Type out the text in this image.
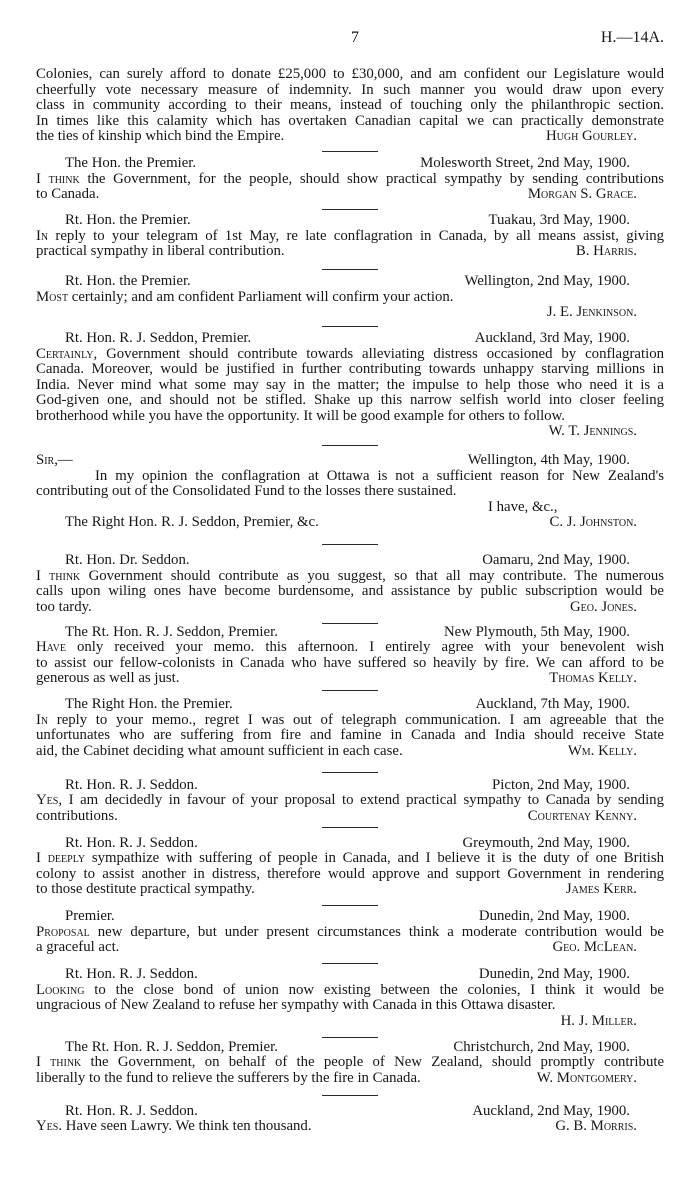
7	H.—14A.
Colonies, can surely afford to donate £25,000 to £30,000, and am confident our Legislature would
cheerfully vote necessary measure of indemnity. In such manner you would draw upon every
class in community according to their means, instead of touching only the philanthropic section.
In times like this calamity which has overtaken Canadian capital we can practically demonstrate
the ties of kinship which bind the Empire.	Hugh Gourley.
The Hon. the Premier.	Molesworth Street, 2nd May, 1900.
I think the Government, for the people, should show practical sympathy by sending contributions
to Canada.	Morgan S. Grace.
Rt. Hon. the Premier.	Tuakau, 3rd May, 1900.
In reply to your telegram of 1st May, re late conflagration in Canada, by all means assist, giving
practical sympathy in liberal contribution.	B. Harris.
Rt. Hon. the Premier.	Wellington, 2nd May, 1900.
Most certainly; and am confident Parliament will confirm your action.
J. E. Jenkinson.
Rt. Hon. R. J. Seddon, Premier.	Auckland, 3rd May, 1900.
Certainly, Government should contribute towards alleviating distress occasioned by conflagration
Canada. Moreover, would be justified in further contributing towards unhappy starving millions in
India. Never mind what some may say in the matter; the impulse to help those who need it is a
God-given one, and should not be stifled. Shake up this narrow selfish world into closer feeling
brotherhood while you have the opportunity. It will be good example for others to follow.
W. T. Jennings.
Sir,—	Wellington, 4th May, 1900.
In my opinion the conflagration at Ottawa is not a sufficient reason for New Zealand's
contributing out of the Consolidated Fund to the losses there sustained.
I have, &c.,
The Right Hon. R. J. Seddon, Premier, &c.	C. J. Johnston.
Rt. Hon. Dr. Seddon.	Oamaru, 2nd May, 1900.
I think Government should contribute as you suggest, so that all may contribute. The numerous
calls upon wiling ones have become burdensome, and assistance by public subscription would be
too tardy.	Geo. Jones.
The Rt. Hon. R. J. Seddon, Premier.	New Plymouth, 5th May, 1900.
Have only received your memo. this afternoon. I entirely agree with your benevolent wish
to assist our fellow-colonists in Canada who have suffered so heavily by fire. We can afford to be
generous as well as just.	Thomas Kelly.
The Right Hon. the Premier.	Auckland, 7th May, 1900.
In reply to your memo., regret I was out of telegraph communication. I am agreeable that the
unfortunates who are suffering from fire and famine in Canada and India should receive State
aid, the Cabinet deciding what amount sufficient in each case.	Wm. Kelly.
Rt. Hon. R. J. Seddon.	Picton, 2nd May, 1900.
Yes, I am decidedly in favour of your proposal to extend practical sympathy to Canada by sending
contributions.	Courtenay Kenny.
Rt. Hon. R. J. Seddon.	Greymouth, 2nd May, 1900.
I deeply sympathize with suffering of people in Canada, and I believe it is the duty of one British
colony to assist another in distress, therefore would approve and support Government in rendering
to those destitute practical sympathy.	James Kerr.
Premier.	Dunedin, 2nd May, 1900.
Proposal new departure, but under present circumstances think a moderate contribution would be
a graceful act.	Geo. McLean.
Rt. Hon. R. J. Seddon.	Dunedin, 2nd May, 1900.
Looking to the close bond of union now existing between the colonies, I think it would be
ungracious of New Zealand to refuse her sympathy with Canada in this Ottawa disaster.
H. J. Miller.
The Rt. Hon. R. J. Seddon, Premier.	Christchurch, 2nd May, 1900.
I think the Government, on behalf of the people of New Zealand, should promptly contribute
liberally to the fund to relieve the sufferers by the fire in Canada.	W. Montgomery.
Rt. Hon. R. J. Seddon.	Auckland, 2nd May, 1900.
Yes. Have seen Lawry. We think ten thousand.	G. B. Morris.
